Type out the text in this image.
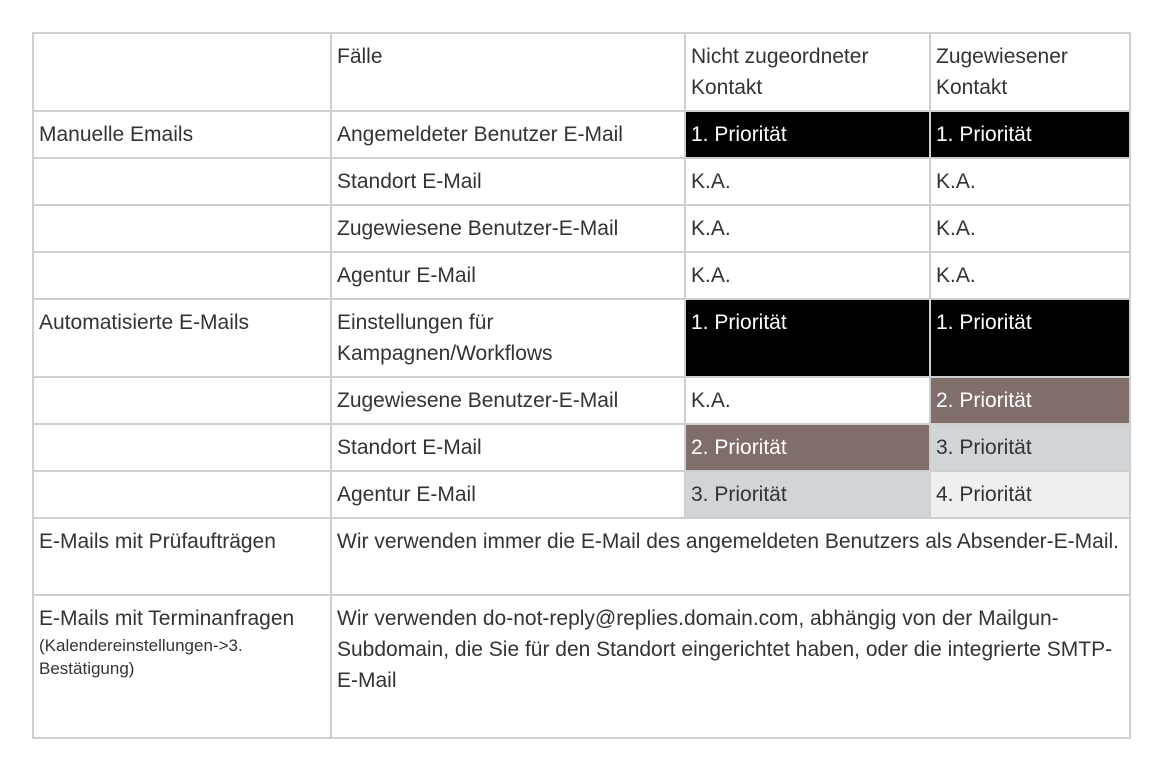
	Fälle	Nicht zugeordneter Kontakt	Zugewiesener Kontakt
Manuelle Emails	Angemeldeter Benutzer E-Mail	1. Priorität	1. Priorität
	Standort E-Mail	K.A.	K.A.
	Zugewiesene Benutzer-E-Mail	K.A.	K.A.
	Agentur E-Mail	K.A.	K.A.
Automatisierte E-Mails	Einstellungen für Kampagnen/Workflows	1. Priorität	1. Priorität
	Zugewiesene Benutzer-E-Mail	K.A.	2. Priorität
	Standort E-Mail	2. Priorität	3. Priorität
	Agentur E-Mail	3. Priorität	4. Priorität
E-Mails mit Prüfaufträgen	Wir verwenden immer die E-Mail des angemeldeten Benutzers als Absender-E-Mail.		

E-Mails mit Terminanfragen
(Kalendereinstellungen->3. Bestätigung)	Wir verwenden do-not-reply@replies.domain.com, abhängig von der Mailgun-Subdomain, die Sie für den Standort eingerichtet haben, oder die integrierte SMTP-E-Mail		
